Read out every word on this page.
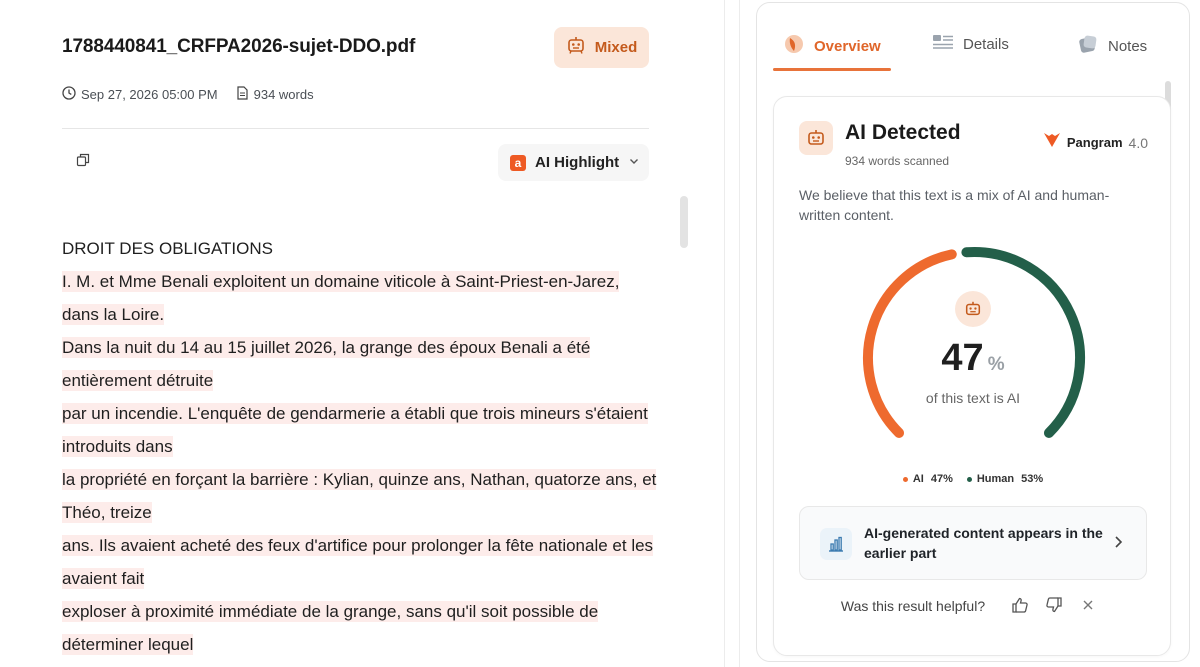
1788440841_CRFPA2026-sujet-DDO.pdf	Mixed
Sep 27, 2026 05:00 PM	934 words
a AI Highlight
DROIT DES OBLIGATIONS
I. M. et Mme Benali exploitent un domaine viticole à Saint-Priest-en-Jarez,
dans la Loire.
Dans la nuit du 14 au 15 juillet 2026, la grange des époux Benali a été
entièrement détruite
par un incendie. L'enquête de gendarmerie a établi que trois mineurs s'étaient
introduits dans
la propriété en forçant la barrière : Kylian, quinze ans, Nathan, quatorze ans, et
Théo, treize
ans. Ils avaient acheté des feux d'artifice pour prolonger la fête nationale et les
avaient fait
exploser à proximité immédiate de la grange, sans qu'il soit possible de
déterminer lequel
Overview	Details	Notes
AI Detected
934 words scanned
Pangram 4.0
We believe that this text is a mix of AI and human-written content.
47 %
of this text is AI
AI 47% Human 53%
AI-generated content appears in the earlier part
Was this result helpful?
